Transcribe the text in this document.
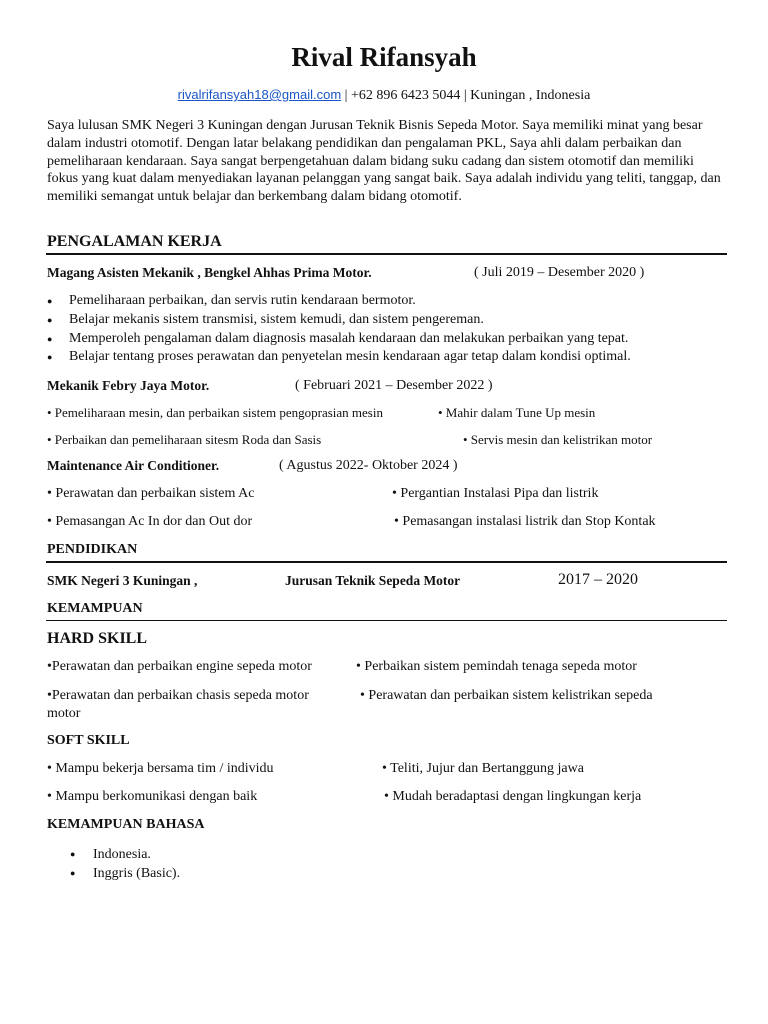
Rival Rifansyah
rivalrifansyah18@gmail.com | +62 896 6423 5044 | Kuningan , Indonesia
Saya lulusan SMK Negeri 3 Kuningan dengan Jurusan Teknik Bisnis Sepeda Motor. Saya memiliki minat yang besar dalam industri otomotif. Dengan latar belakang pendidikan dan pengalaman PKL, Saya ahli dalam perbaikan dan pemeliharaan kendaraan. Saya sangat berpengetahuan dalam bidang suku cadang dan sistem otomotif dan memiliki fokus yang kuat dalam menyediakan layanan pelanggan yang sangat baik. Saya adalah individu yang teliti, tanggap, dan memiliki semangat untuk belajar dan berkembang dalam bidang otomotif.
PENGALAMAN KERJA
Magang Asisten Mekanik , Bengkel Ahhas Prima Motor.	( Juli 2019 – Desember 2020 )
● Pemeliharaan perbaikan, dan servis rutin kendaraan bermotor.
● Belajar mekanis sistem transmisi, sistem kemudi, dan sistem pengereman.
● Memperoleh pengalaman dalam diagnosis masalah kendaraan dan melakukan perbaikan yang tepat.
● Belajar tentang proses perawatan dan penyetelan mesin kendaraan agar tetap dalam kondisi optimal.
Mekanik Febry Jaya Motor.	( Februari 2021 – Desember 2022 )
• Pemeliharaan mesin, dan perbaikan sistem pengoprasian mesin	• Mahir dalam Tune Up mesin
• Perbaikan dan pemeliharaan sitesm Roda dan Sasis	• Servis mesin dan kelistrikan motor
Maintenance Air Conditioner.	( Agustus 2022- Oktober 2024 )
• Perawatan dan perbaikan sistem Ac	• Pergantian Instalasi Pipa dan listrik
• Pemasangan Ac In dor dan Out dor	• Pemasangan instalasi listrik dan Stop Kontak
PENDIDIKAN
SMK Negeri 3 Kuningan ,	Jurusan Teknik Sepeda Motor	2017 – 2020
KEMAMPUAN
HARD SKILL
•Perawatan dan perbaikan engine sepeda motor	• Perbaikan sistem pemindah tenaga sepeda motor
•Perawatan dan perbaikan chasis sepeda motor	• Perawatan dan perbaikan sistem kelistrikan sepeda
motor
SOFT SKILL
• Mampu bekerja bersama tim / individu	• Teliti, Jujur dan Bertanggung jawa
• Mampu berkomunikasi dengan baik	• Mudah beradaptasi dengan lingkungan kerja
KEMAMPUAN BAHASA
● Indonesia.
● Inggris (Basic).
